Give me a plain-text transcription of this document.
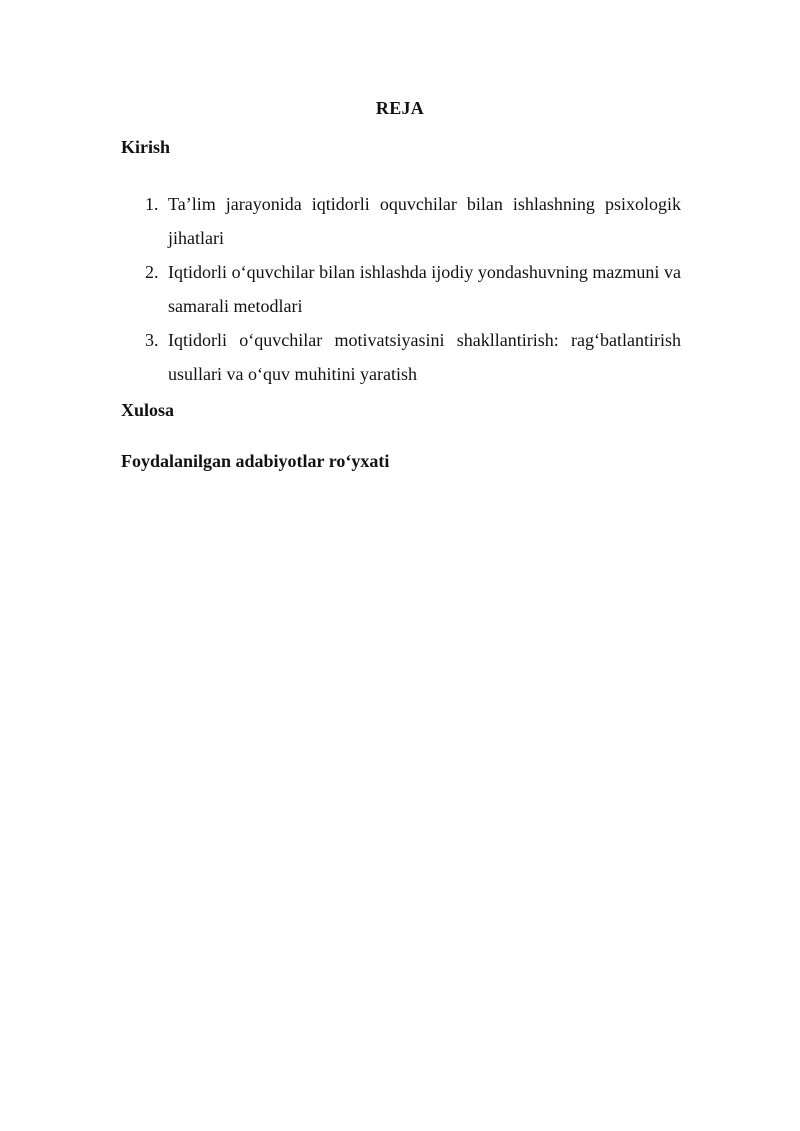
REJA
Kirish
1. Ta’lim jarayonida iqtidorli oquvchilar bilan ishlashning psixologik jihatlari
2. Iqtidorli o‘quvchilar bilan ishlashda ijodiy yondashuvning mazmuni va samarali metodlari
3. Iqtidorli o‘quvchilar motivatsiyasini shakllantirish: rag‘batlantirish usullari va o‘quv muhitini yaratish
Xulosa
Foydalanilgan adabiyotlar ro‘yxati
